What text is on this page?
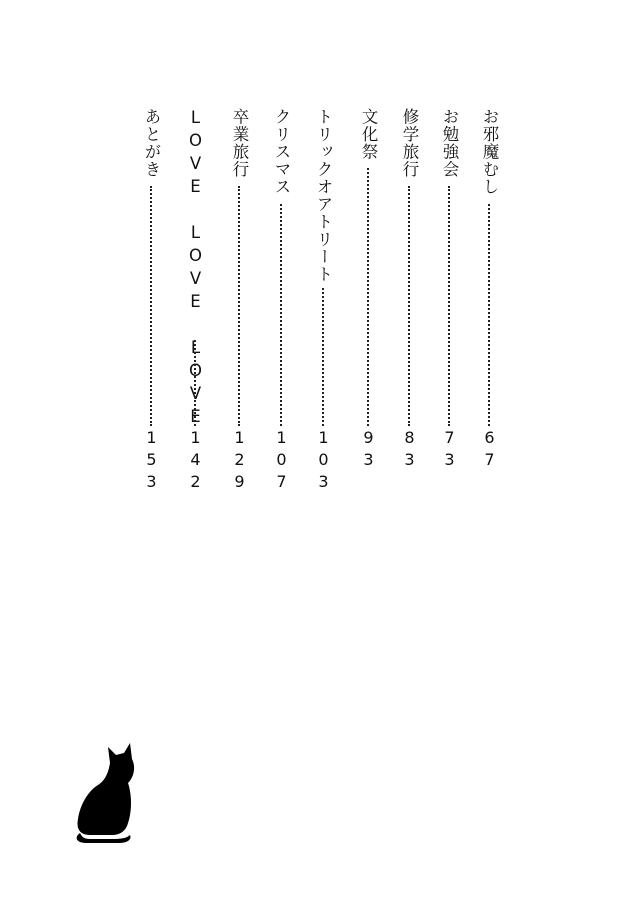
お邪魔むし
67
お勉強会
73
修学旅行
83
文化祭
93
トリックオアトリート
103
クリスマス
107
卒業旅行
129
LOVE LOVE LOVE
142
あとがき
153
